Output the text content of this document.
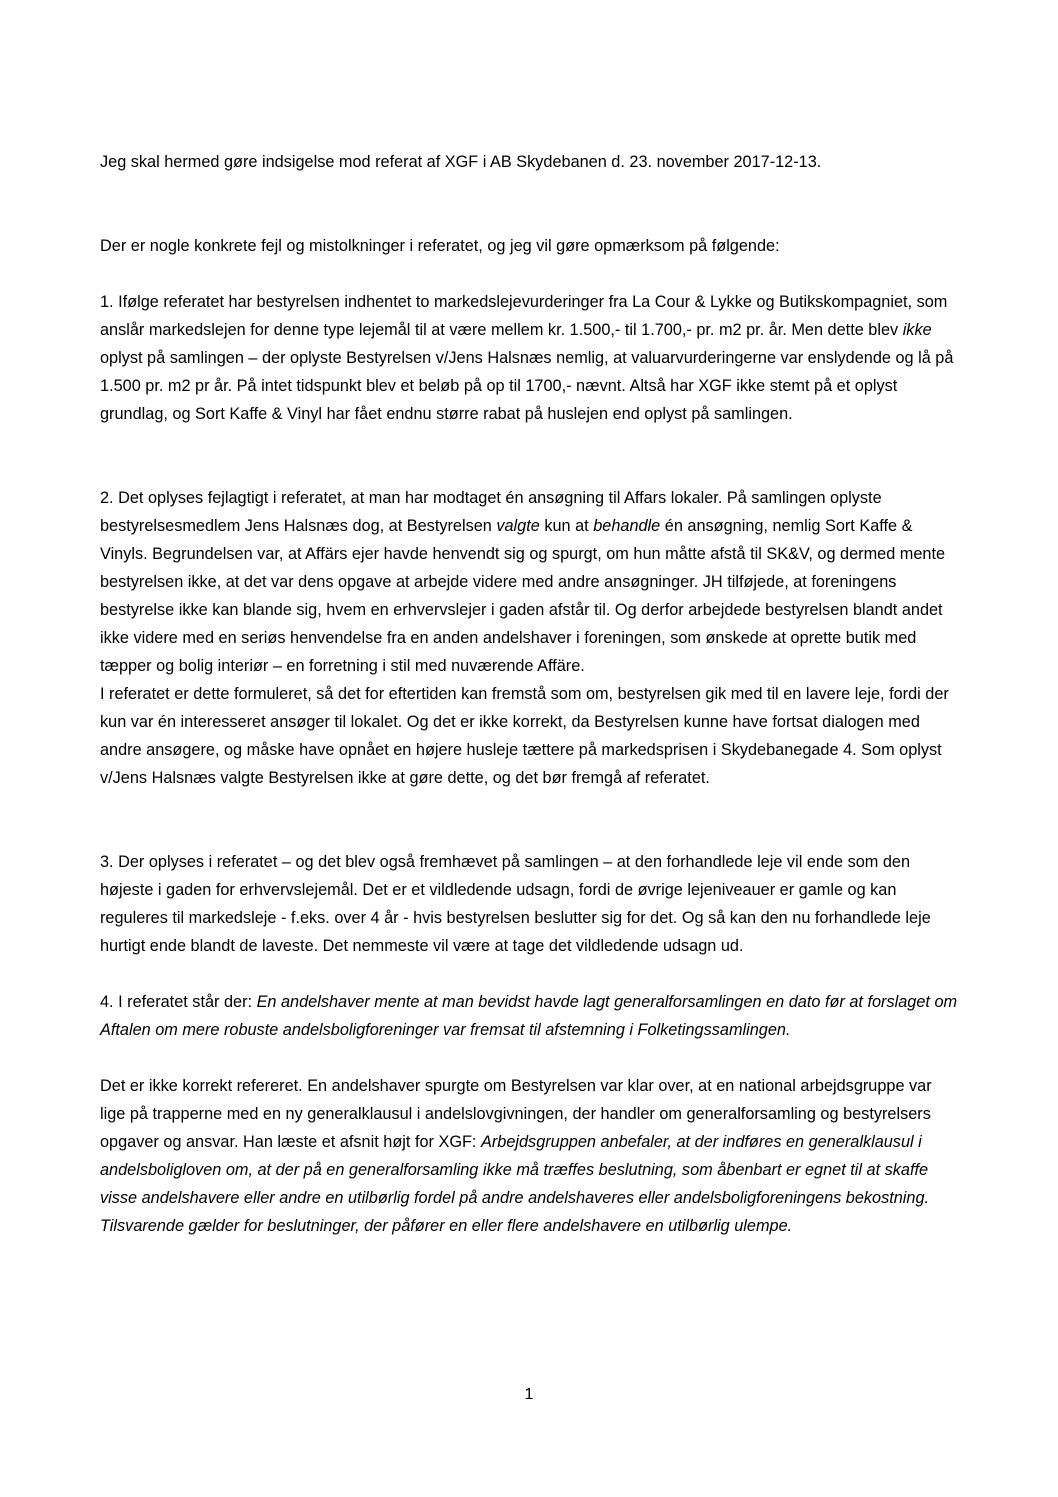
Jeg skal hermed gøre indsigelse mod referat af XGF i AB Skydebanen d. 23. november 2017-12-13.

Der er nogle konkrete fejl og mistolkninger i referatet, og jeg vil gøre opmærksom på følgende:

1. Ifølge referatet har bestyrelsen indhentet to markedslejevurderinger fra La Cour & Lykke og Butikskompagniet, som anslår markedslejen for denne type lejemål til at være mellem kr. 1.500,- til 1.700,- pr. m2 pr. år. Men dette blev ikke oplyst på samlingen – der oplyste Bestyrelsen v/Jens Halsnæs nemlig, at valuarvurderingerne var enslydende og lå på 1.500 pr. m2 pr år. På intet tidspunkt blev et beløb på op til 1700,- nævnt. Altså har XGF ikke stemt på et oplyst grundlag, og Sort Kaffe & Vinyl har fået endnu større rabat på huslejen end oplyst på samlingen.

2. Det oplyses fejlagtigt i referatet, at man har modtaget én ansøgning til Affars lokaler. På samlingen oplyste bestyrelsesmedlem Jens Halsnæs dog, at Bestyrelsen valgte kun at behandle én ansøgning, nemlig Sort Kaffe & Vinyls. Begrundelsen var, at Affärs ejer havde henvendt sig og spurgt, om hun måtte afstå til SK&V, og dermed mente bestyrelsen ikke, at det var dens opgave at arbejde videre med andre ansøgninger. JH tilføjede, at foreningens bestyrelse ikke kan blande sig, hvem en erhvervslejer i gaden afstår til. Og derfor arbejdede bestyrelsen blandt andet ikke videre med en seriøs henvendelse fra en anden andelshaver i foreningen, som ønskede at oprette butik med tæpper og bolig interiør – en forretning i stil med nuværende Affäre.

I referatet er dette formuleret, så det for eftertiden kan fremstå som om, bestyrelsen gik med til en lavere leje, fordi der kun var én interesseret ansøger til lokalet. Og det er ikke korrekt, da Bestyrelsen kunne have fortsat dialogen med andre ansøgere, og måske have opnået en højere husleje tættere på markedsprisen i Skydebanegade 4. Som oplyst v/Jens Halsnæs valgte Bestyrelsen ikke at gøre dette, og det bør fremgå af referatet.

3. Der oplyses i referatet – og det blev også fremhævet på samlingen – at den forhandlede leje vil ende som den højeste i gaden for erhvervslejemål. Det er et vildledende udsagn, fordi de øvrige lejeniveauer er gamle og kan reguleres til markedsleje - f.eks. over 4 år - hvis bestyrelsen beslutter sig for det. Og så kan den nu forhandlede leje hurtigt ende blandt de laveste. Det nemmeste vil være at tage det vildledende udsagn ud.

4. I referatet står der: En andelshaver mente at man bevidst havde lagt generalforsamlingen en dato før at forslaget om Aftalen om mere robuste andelsboligforeninger var fremsat til afstemning i Folketingssamlingen.

Det er ikke korrekt refereret. En andelshaver spurgte om Bestyrelsen var klar over, at en national arbejdsgruppe var lige på trapperne med en ny generalklausul i andelslovgivningen, der handler om generalforsamling og bestyrelsers opgaver og ansvar. Han læste et afsnit højt for XGF: Arbejdsgruppen anbefaler, at der indføres en generalklausul i andelsboligloven om, at der på en generalforsamling ikke må træffes beslutning, som åbenbart er egnet til at skaffe visse andelshavere eller andre en utilbørlig fordel på andre andelshaveres eller andelsboligforeningens bekostning. Tilsvarende gælder for beslutninger, der påfører en eller flere andelshavere en utilbørlig ulempe.

1
